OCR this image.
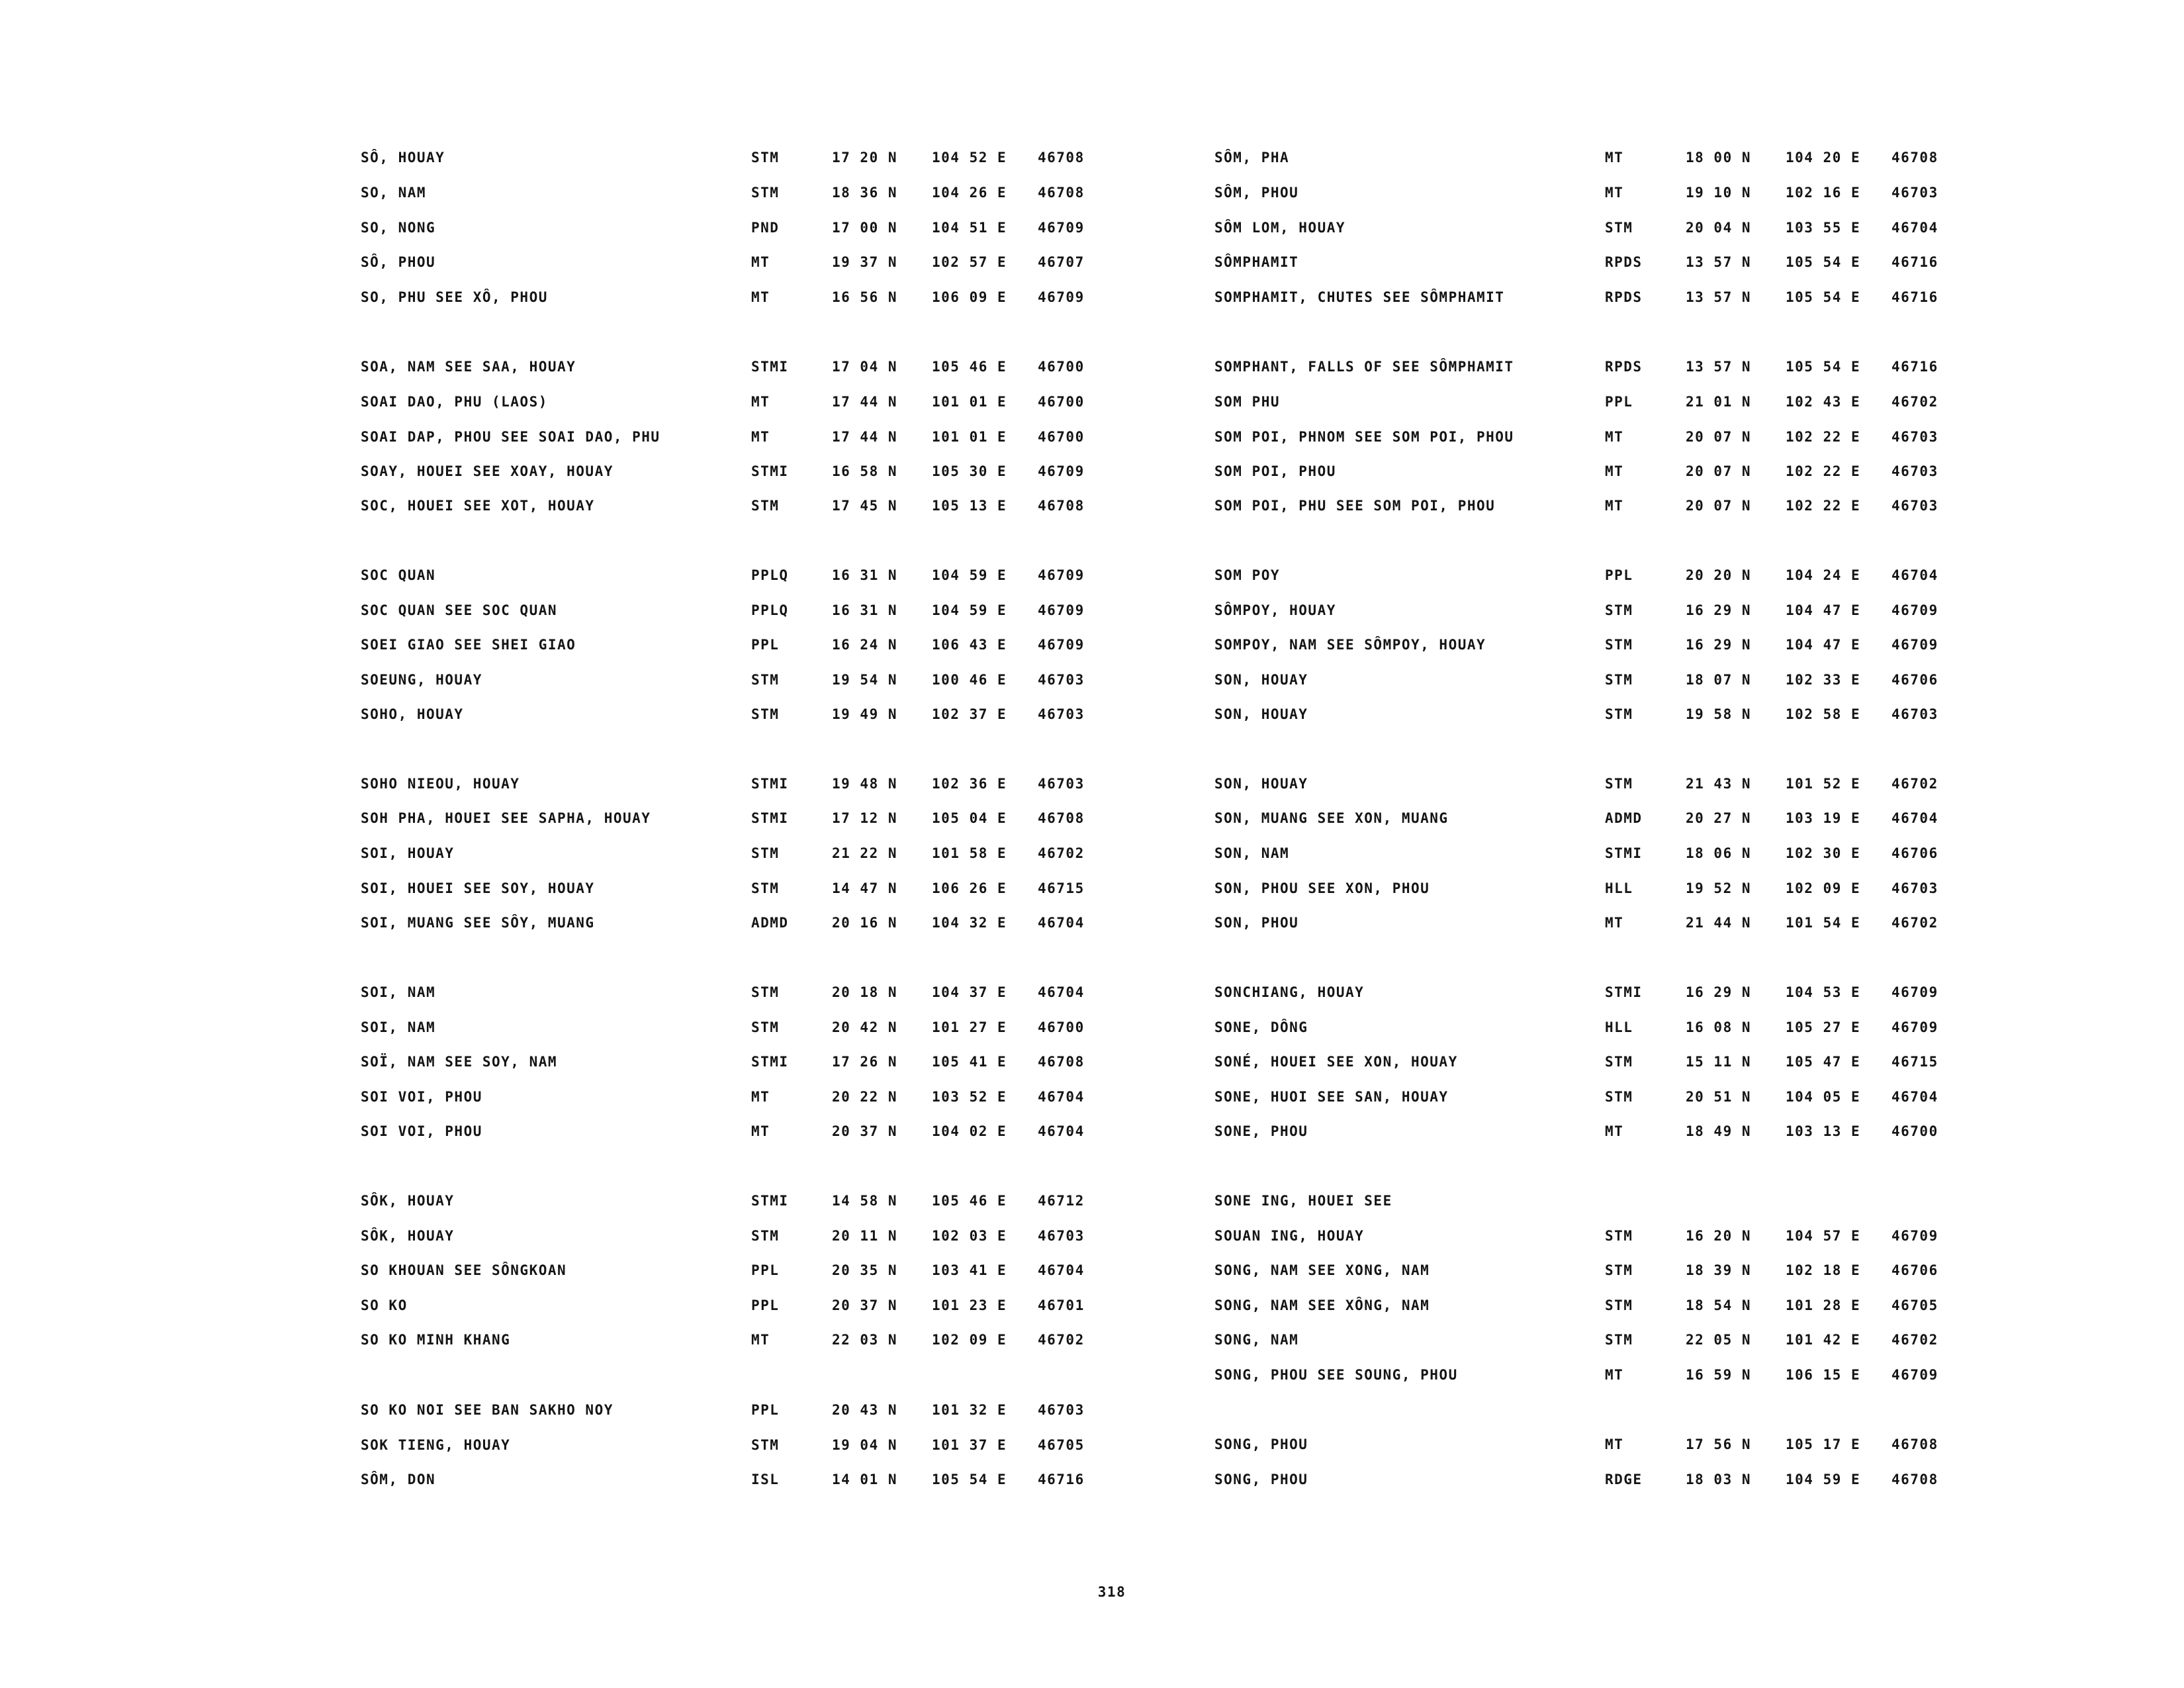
SÔ, HOUAY	STM	17 20 N 104 52 E 46708
SO, NAM	STM	18 36 N 104 26 E 46708
SO, NONG	PND	17 00 N 104 51 E 46709
SÔ, PHOU	MT	19 37 N 102 57 E 46707
SO, PHU SEE XÔ, PHOU	MT	16 56 N 106 09 E 46709
SOA, NAM SEE SAA, HOUAY	STMI	17 04 N 105 46 E 46700
SOAI DAO, PHU (LAOS)	MT	17 44 N 101 01 E 46700
SOAI DAP, PHOU SEE SOAI DAO, PHU	MT	17 44 N 101 01 E 46700
SOAY, HOUEI SEE XOAY, HOUAY	STMI	16 58 N 105 30 E 46709
SOC, HOUEI SEE XOT, HOUAY	STM	17 45 N 105 13 E 46708
SOC QUAN	PPLQ	16 31 N 104 59 E 46709
SOC QUAN SEE SOC QUAN	PPLQ	16 31 N 104 59 E 46709
SOEI GIAO SEE SHEI GIAO	PPL	16 24 N 106 43 E 46709
SOEUNG, HOUAY	STM	19 54 N 100 46 E 46703
SOHO, HOUAY	STM	19 49 N 102 37 E 46703
SOHO NIEOU, HOUAY	STMI	19 48 N 102 36 E 46703
SOH PHA, HOUEI SEE SAPHA, HOUAY	STMI	17 12 N 105 04 E 46708
SOI, HOUAY	STM	21 22 N 101 58 E 46702
SOI, HOUEI SEE SOY, HOUAY	STM	14 47 N 106 26 E 46715
SOI, MUANG SEE SÔY, MUANG	ADMD	20 16 N 104 32 E 46704
SOI, NAM	STM	20 18 N 104 37 E 46704
SOI, NAM	STM	20 42 N 101 27 E 46700
SOÏ, NAM SEE SOY, NAM	STMI	17 26 N 105 41 E 46708
SOI VOI, PHOU	MT	20 22 N 103 52 E 46704
SOI VOI, PHOU	MT	20 37 N 104 02 E 46704
SÔK, HOUAY	STMI	14 58 N 105 46 E 46712
SÔK, HOUAY	STM	20 11 N 102 03 E 46703
SO KHOUAN SEE SÔNGKOAN	PPL	20 35 N 103 41 E 46704
SO KO	PPL	20 37 N 101 23 E 46701
SO KO MINH KHANG	MT	22 03 N 102 09 E 46702
SO KO NOI SEE BAN SAKHO NOY	PPL	20 43 N 101 32 E 46703
SOK TIENG, HOUAY	STM	19 04 N 101 37 E 46705
SÔM, DON	ISL	14 01 N 105 54 E 46716
SÔM, PHA	MT	18 00 N 104 20 E 46708
SÔM, PHOU	MT	19 10 N 102 16 E 46703
SÔM LOM, HOUAY	STM	20 04 N 103 55 E 46704
SÔMPHAMIT	RPDS	13 57 N 105 54 E 46716
SOMPHAMIT, CHUTES SEE SÔMPHAMIT	RPDS	13 57 N 105 54 E 46716
SOMPHANT, FALLS OF SEE SÔMPHAMIT	RPDS	13 57 N 105 54 E 46716
SOM PHU	PPL	21 01 N 102 43 E 46702
SOM POI, PHNOM SEE SOM POI, PHOU	MT	20 07 N 102 22 E 46703
SOM POI, PHOU	MT	20 07 N 102 22 E 46703
SOM POI, PHU SEE SOM POI, PHOU	MT	20 07 N 102 22 E 46703
SOM POY	PPL	20 20 N 104 24 E 46704
SÔMPOY, HOUAY	STM	16 29 N 104 47 E 46709
SOMPOY, NAM SEE SÔMPOY, HOUAY	STM	16 29 N 104 47 E 46709
SON, HOUAY	STM	18 07 N 102 33 E 46706
SON, HOUAY	STM	19 58 N 102 58 E 46703
SON, HOUAY	STM	21 43 N 101 52 E 46702
SON, MUANG SEE XON, MUANG	ADMD	20 27 N 103 19 E 46704
SON, NAM	STMI	18 06 N 102 30 E 46706
SON, PHOU SEE XON, PHOU	HLL	19 52 N 102 09 E 46703
SON, PHOU	MT	21 44 N 101 54 E 46702
SONCHIANG, HOUAY	STMI	16 29 N 104 53 E 46709
SONE, DÔNG	HLL	16 08 N 105 27 E 46709
SONÉ, HOUEI SEE XON, HOUAY	STM	15 11 N 105 47 E 46715
SONE, HUOI SEE SAN, HOUAY	STM	20 51 N 104 05 E 46704
SONE, PHOU	MT	18 49 N 103 13 E 46700
SONE ING, HOUEI SEE
SOUAN ING, HOUAY	STM	16 20 N 104 57 E 46709
SONG, NAM SEE XONG, NAM	STM	18 39 N 102 18 E 46706
SONG, NAM SEE XÔNG, NAM	STM	18 54 N 101 28 E 46705
SONG, NAM	STM	22 05 N 101 42 E 46702
SONG, PHOU SEE SOUNG, PHOU	MT	16 59 N 106 15 E 46709
SONG, PHOU	MT	17 56 N 105 17 E 46708
SONG, PHOU	RDGE	18 03 N 104 59 E 46708
318
